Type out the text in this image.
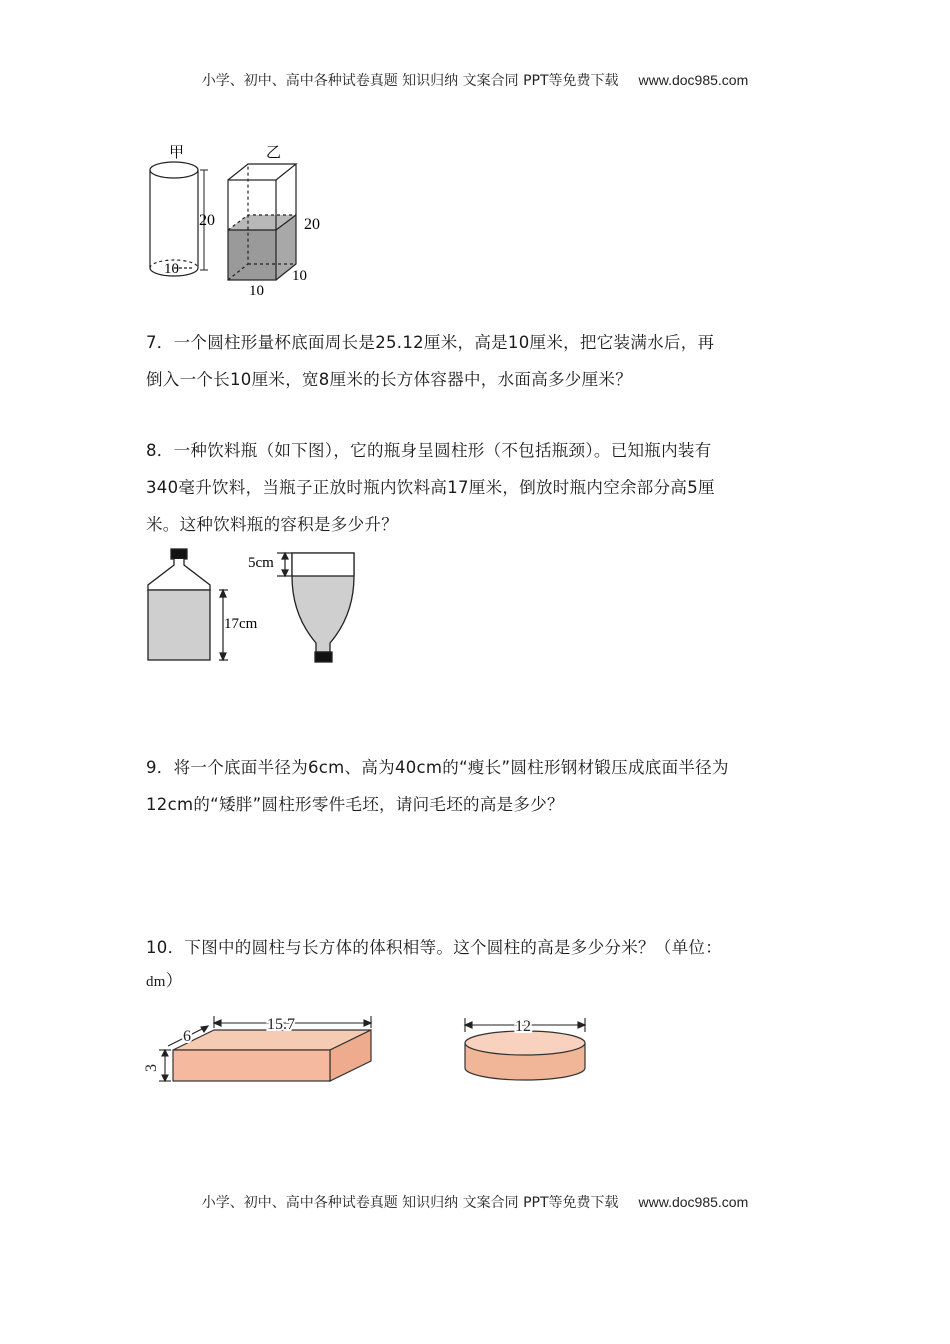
小学、初中、高中各种试卷真题 知识归纳 文案合同 PPT等免费下载 www.doc985.com
甲	乙
20
10
20
10
10

7．一个圆柱形量杯底面周长是25.12厘米，高是10厘米，把它装满水后，再

倒入一个长10厘米，宽8厘米的长方体容器中，水面高多少厘米？

8．一种饮料瓶（如下图），它的瓶身呈圆柱形（不包括瓶颈）。已知瓶内装有

340毫升饮料，当瓶子正放时瓶内饮料高17厘米，倒放时瓶内空余部分高5厘

米。这种饮料瓶的容积是多少升？

17cm
5cm

9．将一个底面半径为6cm、高为40cm的“瘦长”圆柱形钢材锻压成底面半径为

12cm的“矮胖”圆柱形零件毛坯，请问毛坯的高是多少？

10．下图中的圆柱与长方体的体积相等。这个圆柱的高是多少分米？（单位：

dm）

15.7
6
3
12
小学、初中、高中各种试卷真题 知识归纳 文案合同 PPT等免费下载 www.doc985.com
